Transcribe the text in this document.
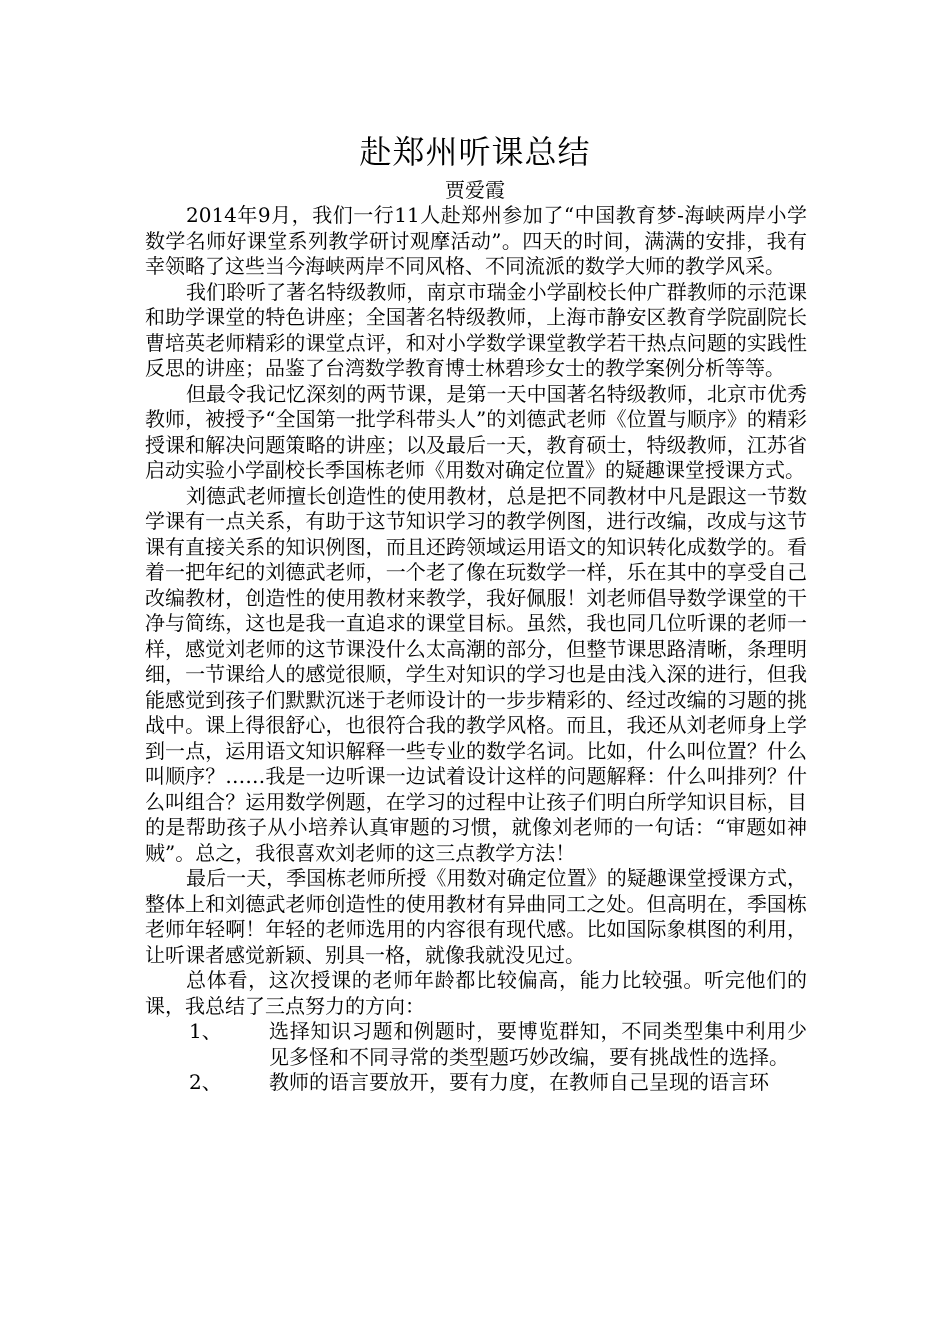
赴郑州听课总结
贾爱霞

2014年9月，我们一行11人赴郑州参加了“中国教育梦-海峡两岸小学数学名师好课堂系列教学研讨观摩活动”。四天的时间，满满的安排，我有幸领略了这些当今海峡两岸不同风格、不同流派的数学大师的教学风采。

我们聆听了著名特级教师，南京市瑞金小学副校长仲广群教师的示范课和助学课堂的特色讲座；全国著名特级教师，上海市静安区教育学院副院长曹培英老师精彩的课堂点评，和对小学数学课堂教学若干热点问题的实践性反思的讲座；品鉴了台湾数学教育博士林碧珍女士的教学案例分析等等。

但最令我记忆深刻的两节课，是第一天中国著名特级教师，北京市优秀教师，被授予“全国第一批学科带头人”的刘德武老师《位置与顺序》的精彩授课和解决问题策略的讲座；以及最后一天，教育硕士，特级教师，江苏省启动实验小学副校长季国栋老师《用数对确定位置》的疑趣课堂授课方式。

刘德武老师擅长创造性的使用教材，总是把不同教材中凡是跟这一节数学课有一点关系，有助于这节知识学习的教学例图，进行改编，改成与这节课有直接关系的知识例图，而且还跨领域运用语文的知识转化成数学的。看着一把年纪的刘德武老师，一个老了像在玩数学一样，乐在其中的享受自己改编教材，创造性的使用教材来教学，我好佩服！刘老师倡导数学课堂的干净与简练，这也是我一直追求的课堂目标。虽然，我也同几位听课的老师一样，感觉刘老师的这节课没什么太高潮的部分，但整节课思路清晰，条理明细，一节课给人的感觉很顺，学生对知识的学习也是由浅入深的进行，但我能感觉到孩子们默默沉迷于老师设计的一步步精彩的、经过改编的习题的挑战中。课上得很舒心，也很符合我的教学风格。而且，我还从刘老师身上学到一点，运用语文知识解释一些专业的数学名词。比如，什么叫位置？什么叫顺序？……我是一边听课一边试着设计这样的问题解释：什么叫排列？什么叫组合？运用数学例题，在学习的过程中让孩子们明白所学知识目标，目的是帮助孩子从小培养认真审题的习惯，就像刘老师的一句话：“审题如神贼”。总之，我很喜欢刘老师的这三点教学方法！

最后一天，季国栋老师所授《用数对确定位置》的疑趣课堂授课方式，整体上和刘德武老师创造性的使用教材有异曲同工之处。但高明在，季国栋老师年轻啊！年轻的老师选用的内容很有现代感。比如国际象棋图的利用，让听课者感觉新颖、别具一格，就像我就没见过。

总体看，这次授课的老师年龄都比较偏高，能力比较强。听完他们的课，我总结了三点努力的方向：

1、	选择知识习题和例题时，要博览群知，不同类型集中利用少见多怪和不同寻常的类型题巧妙改编，要有挑战性的选择。
2、	教师的语言要放开，要有力度，在教师自己呈现的语言环
